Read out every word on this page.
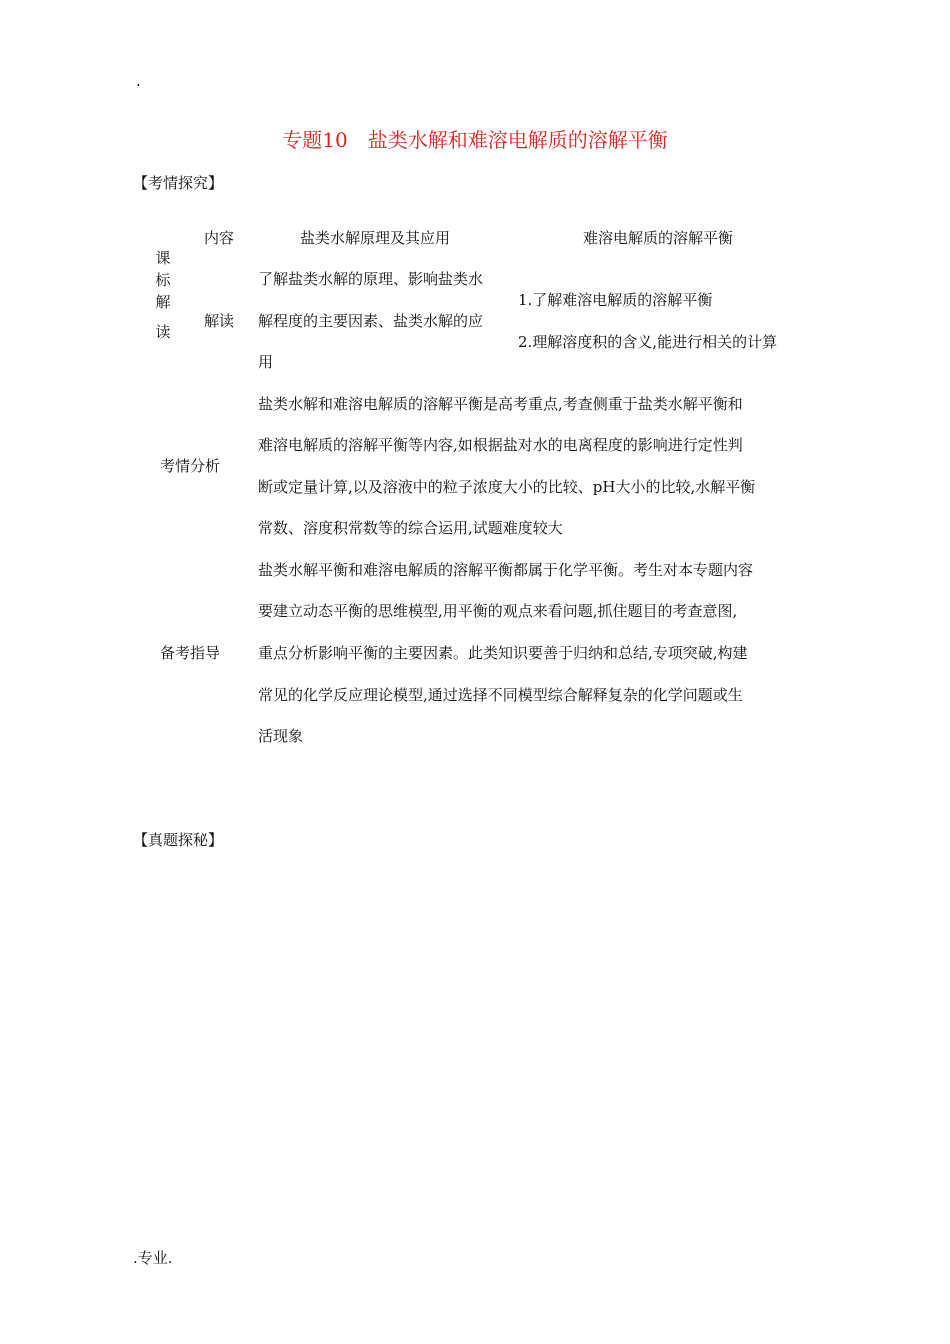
.
专题10　盐类水解和难溶电解质的溶解平衡
【考情探究】
内容	盐类水解原理及其应用	难溶电解质的溶解平衡
课
标
解
读
解读
了解盐类水解的原理、影响盐类水
解程度的主要因素、盐类水解的应
用
1.了解难溶电解质的溶解平衡
2.理解溶度积的含义,能进行相关的计算
考情分析
盐类水解和难溶电解质的溶解平衡是高考重点,考查侧重于盐类水解平衡和
难溶电解质的溶解平衡等内容,如根据盐对水的电离程度的影响进行定性判
断或定量计算,以及溶液中的粒子浓度大小的比较、pH大小的比较,水解平衡
常数、溶度积常数等的综合运用,试题难度较大
备考指导
盐类水解平衡和难溶电解质的溶解平衡都属于化学平衡。考生对本专题内容
要建立动态平衡的思维模型,用平衡的观点来看问题,抓住题目的考查意图,
重点分析影响平衡的主要因素。此类知识要善于归纳和总结,专项突破,构建
常见的化学反应理论模型,通过选择不同模型综合解释复杂的化学问题或生
活现象
【真题探秘】
.专业.
